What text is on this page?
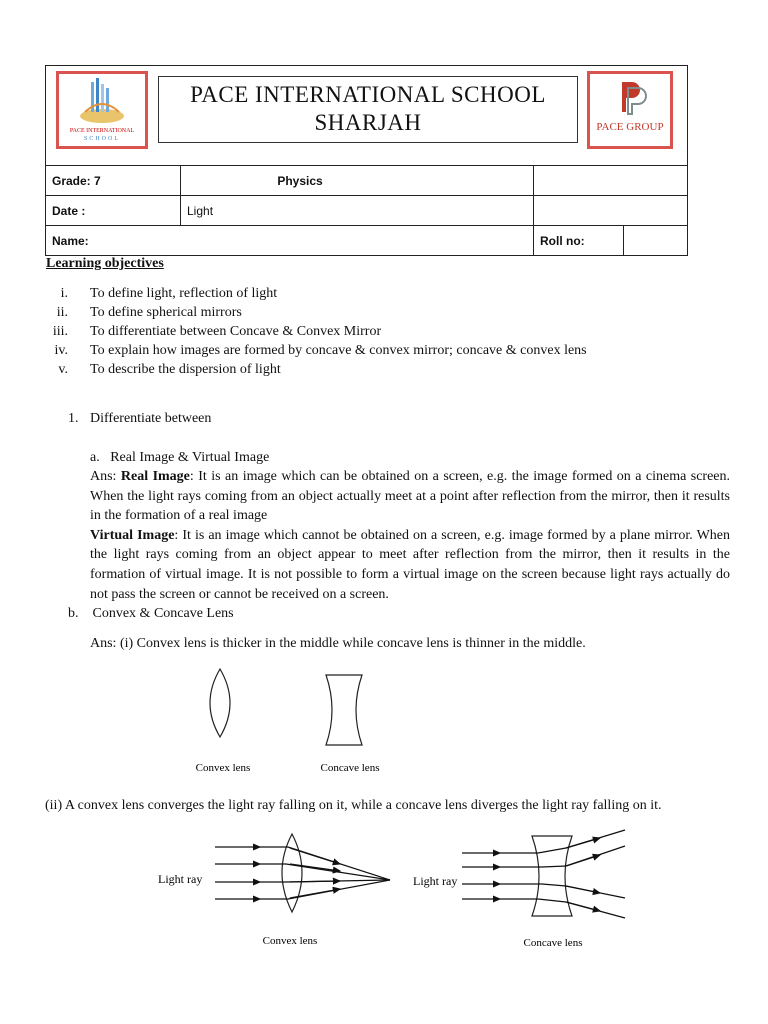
PACE INTERNATIONAL
SCHOOL
PACE INTERNATIONAL SCHOOL
SHARJAH	PACE GROUP
Grade: 7	Physics		
Date :	Light		
Name:		Roll no:	
Learning objectives
i.	To define light, reflection of light
ii.	To define spherical mirrors
iii.	To differentiate between Concave & Convex Mirror
iv.	To explain how images are formed by concave & convex mirror; concave & convex lens
v.	To describe the dispersion of light
1. Differentiate between
a. Real Image & Virtual Image

Ans: Real Image: It is an image which can be obtained on a screen, e.g. the image formed on a cinema screen. When the light rays coming from an object actually meet at a point after reflection from the mirror, then it results in the formation of a real image

Virtual Image: It is an image which cannot be obtained on a screen, e.g. image formed by a plane mirror. When the light rays coming from an object appear to meet after reflection from the mirror, then it results in the formation of virtual image. It is not possible to form a virtual image on the screen because light rays actually do not pass the screen or cannot be received on a screen.

b. Convex & Concave Lens
Ans: (i) Convex lens is thicker in the middle while concave lens is thinner in the middle.
Convex lens	Concave lens
(ii) A convex lens converges the light ray falling on it, while a concave lens diverges the light ray falling on it.
Light ray
Convex lens
Light ray
Concave lens
